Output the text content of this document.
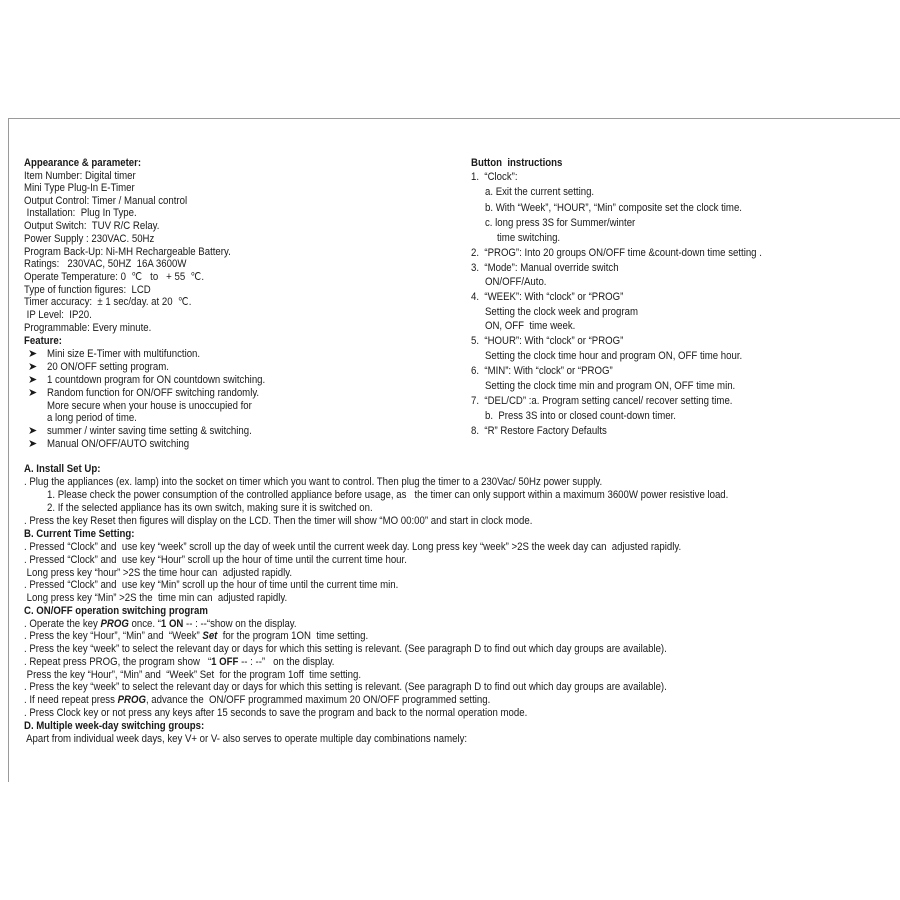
Appearance & parameter:
Item Number: Digital timer
Mini Type Plug-In E-Timer
Output Control: Timer / Manual control
Installation:  Plug In Type.
Output Switch:  TUV R/C Relay.
Power Supply : 230VAC. 50Hz
Program Back-Up: Ni-MH Rechargeable Battery.
Ratings:   230VAC, 50HZ  16A 3600W
Operate Temperature: 0  ℃   to   + 55  ℃.
Type of function figures:  LCD
Timer accuracy:  ± 1 sec/day. at 20  ℃.
IP Level:  IP20.
Programmable: Every minute.
Feature:
➤ Mini size E-Timer with multifunction.
➤ 20 ON/OFF setting program.
➤ 1 countdown program for ON countdown switching.
➤ Random function for ON/OFF switching randomly.
More secure when your house is unoccupied for
a long period of time.
➤ summer / winter saving time setting & switching.
➤ Manual ON/OFF/AUTO switching
Button  instructions
1.  “Clock”:
a. Exit the current setting.
b. With “Week”, “HOUR”, “Min” composite set the clock time.
c. long press 3S for Summer/winter
time switching.
2.  “PROG”: Into 20 groups ON/OFF time &count-down time setting .
3.  “Mode”: Manual override switch
ON/OFF/Auto.
4.  “WEEK”: With “clock” or “PROG”
Setting the clock week and program
ON, OFF  time week.
5.  “HOUR”: With “clock” or “PROG”
Setting the clock time hour and program ON, OFF time hour.
6.  “MIN”: With “clock” or “PROG”
Setting the clock time min and program ON, OFF time min.
7.  “DEL/CD” :a. Program setting cancel/ recover setting time.
b.  Press 3S into or closed count-down timer.
8.  “R” Restore Factory Defaults
A. Install Set Up:
. Plug the appliances (ex. lamp) into the socket on timer which you want to control. Then plug the timer to a 230Vac/ 50Hz power supply.
1. Please check the power consumption of the controlled appliance before usage, as   the timer can only support within a maximum 3600W power resistive load.
2. If the selected appliance has its own switch, making sure it is switched on.
. Press the key Reset then figures will display on the LCD. Then the timer will show “MO 00:00” and start in clock mode.
B. Current Time Setting:
. Pressed “Clock” and  use key “week” scroll up the day of week until the current week day. Long press key “week” >2S the week day can  adjusted rapidly.
. Pressed “Clock” and  use key “Hour” scroll up the hour of time until the current time hour.
Long press key “hour” >2S the time hour can  adjusted rapidly.
. Pressed “Clock” and  use key “Min” scroll up the hour of time until the current time min.
Long press key “Min” >2S the  time min can  adjusted rapidly.
C. ON/OFF operation switching program
. Operate the key PROG once. “1 ON -- : --“show on the display.
. Press the key “Hour”, “Min” and  “Week” Set  for the program 1ON  time setting.
. Press the key “week” to select the relevant day or days for which this setting is relevant. (See paragraph D to find out which day groups are available).
. Repeat press PROG, the program show   “1 OFF -- : --”   on the display.
Press the key “Hour”, “Min” and  “Week” Set  for the program 1off  time setting.
. Press the key “week” to select the relevant day or days for which this setting is relevant. (See paragraph D to find out which day groups are available).
. If need repeat press PROG, advance the  ON/OFF programmed maximum 20 ON/OFF programmed setting.
. Press Clock key or not press any keys after 15 seconds to save the program and back to the normal operation mode.
D. Multiple week-day switching groups:
Apart from individual week days, key V+ or V- also serves to operate multiple day combinations namely:
